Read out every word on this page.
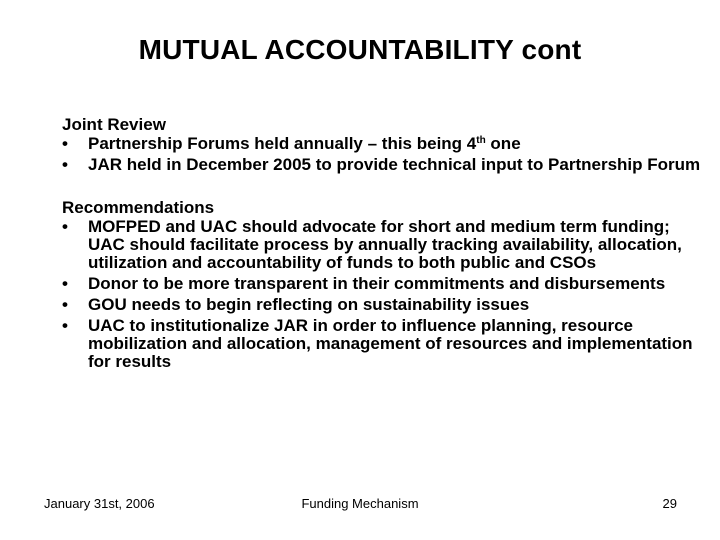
MUTUAL ACCOUNTABILITY cont

Joint Review

•	Partnership Forums held annually – this being 4th one
•	JAR held in December 2005 to provide technical input to Partnership Forum

Recommendations

•	MOFPED and UAC should advocate for short and medium term funding; UAC should facilitate process by annually tracking availability, allocation, utilization and accountability of funds to both public and CSOs
•	Donor to be more transparent in their commitments and disbursements
•	GOU needs to begin reflecting on sustainability issues
•	UAC to institutionalize JAR in order to influence planning, resource mobilization and allocation, management of resources and implementation for results
January 31st, 2006	Funding Mechanism	29
